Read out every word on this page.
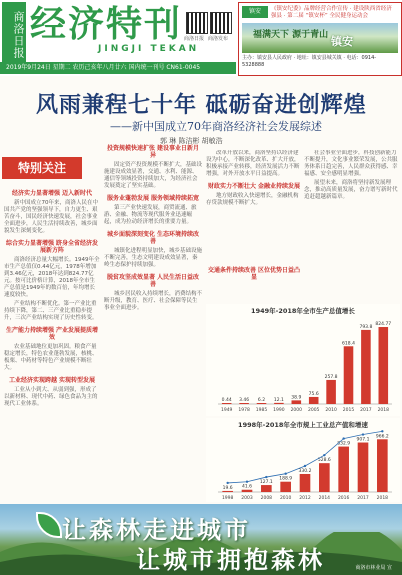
商洛日报 经济特刊
JINGJI TEKAN
商洛日报 商洛发布
2019年9月24日 星期二 农历己亥年八月廿六 国内统一刊号 CN61-0045
镇安	《镇安纪委》品牌经营合作宣传 · 建设陕西省经济强县 · 第二届 “镇安杯” 全民健身运动会
福满天下 源于青山 镇安
主办：镇安县人民政府 · 地址：镇安县城关镇 · 电话：0914-5328888
风雨兼程七十年 砥砺奋进创辉煌
——新中国成立70年商洛经济社会发展综述
郭 琳 陈洁彬 胡敏浩
特别关注

经济实力显著增强 迈入新时代

新中国成立70年来，商洛人民在中国共产党的坚强领导下，自力更生、艰苦奋斗，国民经济快速发展，社会事业全面进步，人民生活持续改善，城乡面貌发生深刻变化。

综合实力显著增强 跻身全省经济发展新方阵

商洛经济总量大幅增长。1949年全市生产总值仅0.44亿元，1978年增加到3.46亿元，2018年达到824.77亿元。按可比价格计算，2018年全市生产总值是1949年的数百倍，年均增长速度较快。

产业结构不断优化。第一产业比重持续下降，第二、三产业比重稳步提升，三次产业结构实现了历史性转变。

生产能力持续增强 产业发展提质增效

农业基础地位更加巩固。粮食产量稳定增长，特色农业蓬勃发展，核桃、板栗、中药材等特色产业规模不断壮大。

工业经济实现跨越 实现转型发展

工业从小到大、从弱到强，形成了以新材料、现代中药、绿色食品为主的现代工业体系。

投资规模快速扩张 建设事业日新月异

固定资产投资规模不断扩大，基础设施建设成效显著，交通、水利、能源、通信等领域投资持续加大，为经济社会发展奠定了坚实基础。

服务业蓬勃发展 服务领域持续拓宽

第三产业快速发展，商贸流通、旅游、金融、物流等现代服务业迅速崛起，成为拉动经济增长的重要力量。

城乡面貌深刻变化 生态环境持续改善

城镇化进程明显加快，城乡基础设施不断完善，生态文明建设成效显著，秦岭生态保护持续加强。

脱贫攻坚成效显著 人民生活日益改善

城乡居民收入持续增长，消费结构不断升级，教育、医疗、社会保障等民生事业全面进步。

改革开放以来，商洛坚持以经济建设为中心，不断深化改革、扩大开放，积极承接产业转移，经济发展活力不断增强，对外开放水平日益提高。

财政实力不断壮大 金融业持续发展

地方财政收入快速增长，金融机构存贷款规模不断扩大。

社会事业全面进步，科技创新能力不断提升，文化事业繁荣发展，公共服务体系日趋完善，人民群众获得感、幸福感、安全感明显增强。

展望未来，商洛将坚持新发展理念，推动高质量发展，奋力谱写新时代追赶超越新篇章。

交通条件持续改善 区位优势日益凸显

1949年-2018年全市生产总值增长
0.44
1949
3.46
1978
6.2
1985
12.1
1990
38.9
2000
75.6
2005
257.8
2010
618.4
2015
793.8
2017
824.77
2018
1998年-2018年全市规上工业总产值和增速
19.6
1998
41.6
2003
127.1
2008
188.9
2010
330.2
2012
528.6
2014
832.9
2016
907.1
2017
966.2
2018
让森林走进城市
让城市拥抱森林	商洛市林业局 宣
